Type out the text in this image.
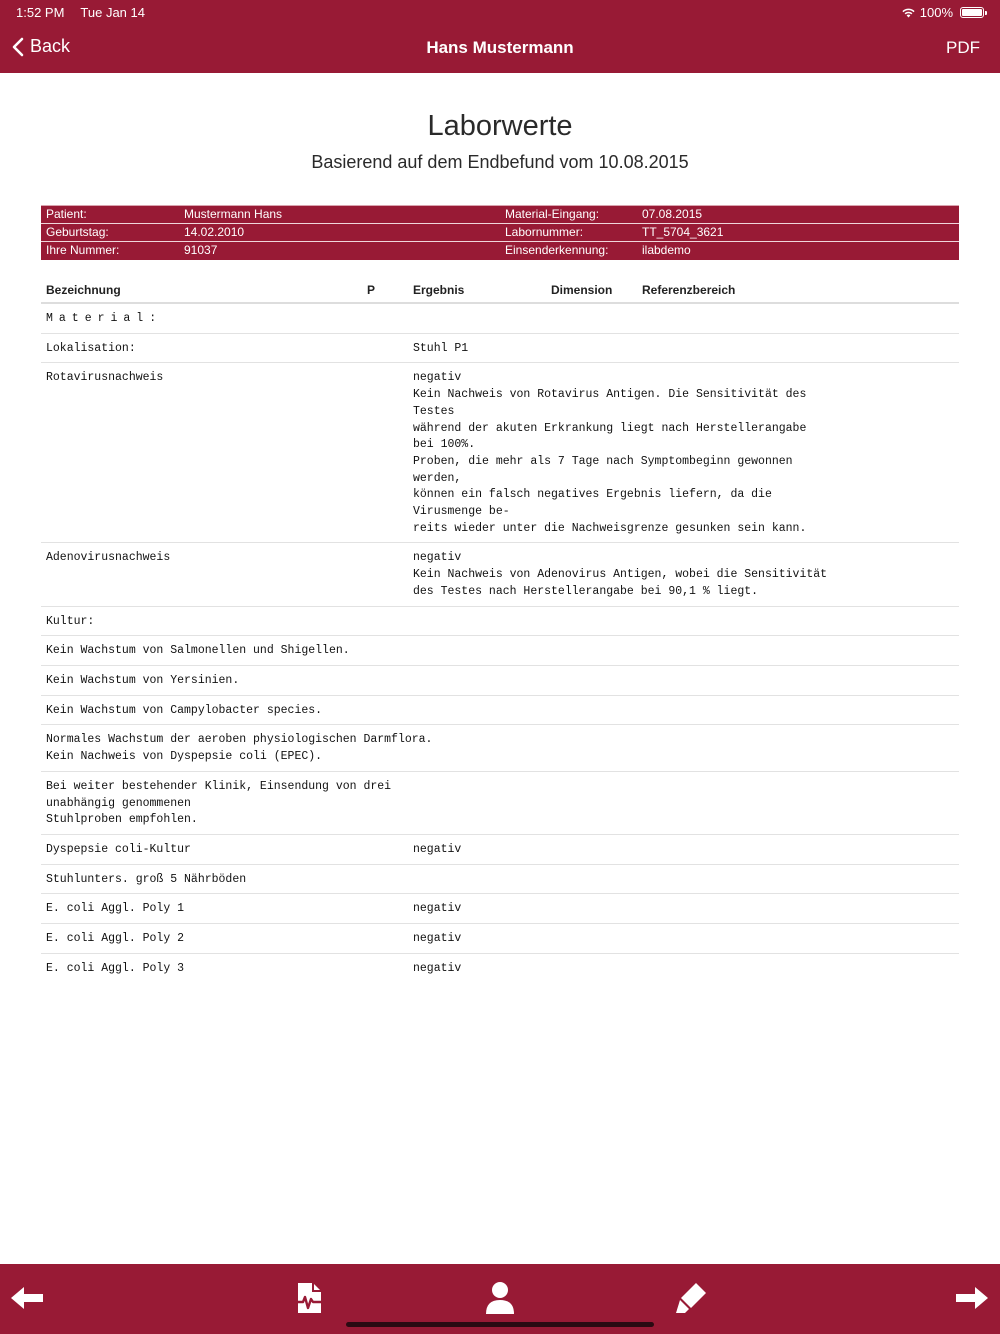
1:52 PM Tue Jan 14	100%
Back	Hans Mustermann	PDF
Laborwerte
Basierend auf dem Endbefund vom 10.08.2015
Patient:	Mustermann Hans	Material-Eingang:	07.08.2015
Geburtstag:	14.02.2010	Labornummer:	TT_5704_3621
Ihre Nummer:	91037	Einsenderkennung:	ilabdemo
Bezeichnung	P	Ergebnis	Dimension Referenzbereich
Material:
Lokalisation:	Stuhl P1
Rotavirusnachweis	negativ
Kein Nachweis von Rotavirus Antigen. Die Sensitivität des
Testes
während der akuten Erkrankung liegt nach Herstellerangabe
bei 100%.
Proben, die mehr als 7 Tage nach Symptombeginn gewonnen
werden,
können ein falsch negatives Ergebnis liefern, da die
Virusmenge be-
reits wieder unter die Nachweisgrenze gesunken sein kann.
Adenovirusnachweis	negativ
Kein Nachweis von Adenovirus Antigen, wobei die Sensitivität
des Testes nach Herstellerangabe bei 90,1 % liegt.
Kultur:
Kein Wachstum von Salmonellen und Shigellen.
Kein Wachstum von Yersinien.
Kein Wachstum von Campylobacter species.
Normales Wachstum der aeroben physiologischen Darmflora.
Kein Nachweis von Dyspepsie coli (EPEC).
Bei weiter bestehender Klinik, Einsendung von drei
unabhängig genommenen
Stuhlproben empfohlen.
Dyspepsie coli-Kultur	negativ
Stuhlunters. groß 5 Nährböden
E. coli Aggl. Poly 1	negativ
E. coli Aggl. Poly 2	negativ
E. coli Aggl. Poly 3	negativ
